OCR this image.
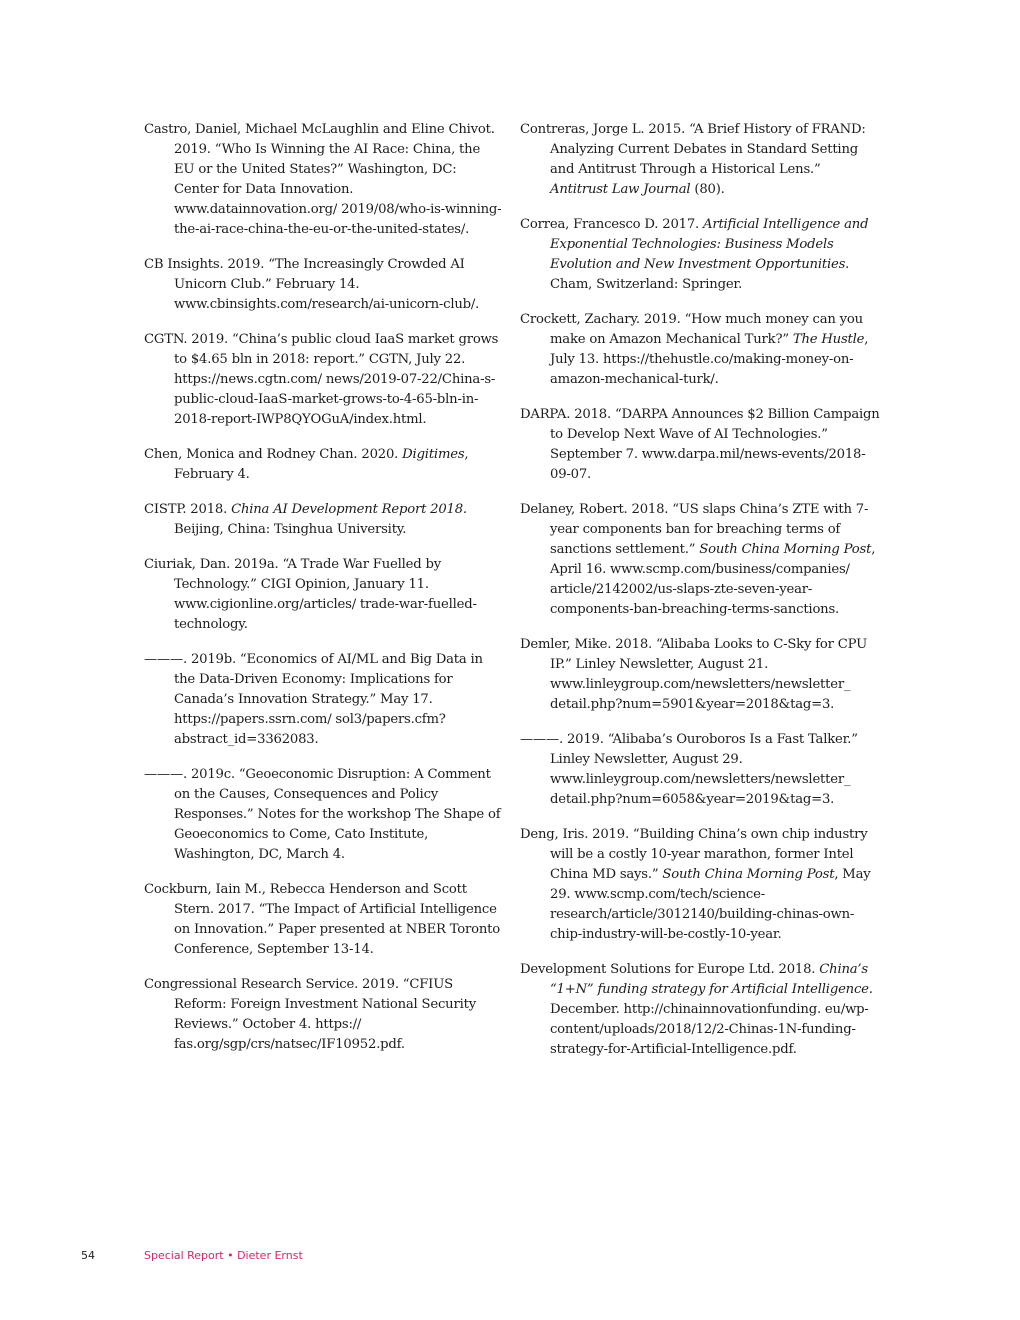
Castro, Daniel, Michael McLaughlin and Eline Chivot. 2019. “Who Is Winning the AI Race: China, the EU or the United States?” Washington, DC: Center for Data Innovation. www.datainnovation.org/ 2019/08/who-is-winning-the-ai-race-china-the-eu-or-the-united-states/.

CB Insights. 2019. “The Increasingly Crowded AI Unicorn Club.” February 14. www.cbinsights.com/research/ai-unicorn-club/.

CGTN. 2019. “China’s public cloud IaaS market grows to $4.65 bln in 2018: report.” CGTN, July 22. https://news.cgtn.com/ news/2019-07-22/China-s-public-cloud-IaaS-market-grows-to-4-65-bln-in-2018-report-IWP8QYOGuA/index.html.

Chen, Monica and Rodney Chan. 2020. Digitimes, February 4.

CISTP. 2018. China AI Development Report 2018. Beijing, China: Tsinghua University.

Ciuriak, Dan. 2019a. “A Trade War Fuelled by Technology.” CIGI Opinion, January 11. www.cigionline.org/articles/ trade-war-fuelled-technology.

———. 2019b. “Economics of AI/ML and Big Data in the Data-Driven Economy: Implications for Canada’s Innovation Strategy.” May 17. https://papers.ssrn.com/ sol3/papers.cfm?abstract_id=3362083.

———. 2019c. “Geoeconomic Disruption: A Comment on the Causes, Consequences and Policy Responses.” Notes for the workshop The Shape of Geoeconomics to Come, Cato Institute, Washington, DC, March 4.

Cockburn, Iain M., Rebecca Henderson and Scott Stern. 2017. “The Impact of Artificial Intelligence on Innovation.” Paper presented at NBER Toronto Conference, September 13-14.

Congressional Research Service. 2019. “CFIUS Reform: Foreign Investment National Security Reviews.” October 4. https:// fas.org/sgp/crs/natsec/IF10952.pdf.

Contreras, Jorge L. 2015. “A Brief History of FRAND: Analyzing Current Debates in Standard Setting and Antitrust Through a Historical Lens.” Antitrust Law Journal (80).

Correa, Francesco D. 2017. Artificial Intelligence and Exponential Technologies: Business Models Evolution and New Investment Opportunities. Cham, Switzerland: Springer.

Crockett, Zachary. 2019. “How much money can you make on Amazon Mechanical Turk?” The Hustle, July 13. https://thehustle.co/making-money-on-amazon-mechanical-turk/.

DARPA. 2018. “DARPA Announces $2 Billion Campaign to Develop Next Wave of AI Technologies.” September 7. www.darpa.mil/news-events/2018-09-07.

Delaney, Robert. 2018. “US slaps China’s ZTE with 7-year components ban for breaching terms of sanctions settlement.” South China Morning Post, April 16. www.scmp.com/business/companies/ article/2142002/us-slaps-zte-seven-year-components-ban-breaching-terms-sanctions.

Demler, Mike. 2018. “Alibaba Looks to C-Sky for CPU IP.” Linley Newsletter, August 21. www.linleygroup.com/newsletters/newsletter_ detail.php?num=5901&year=2018&tag=3.

———. 2019. “Alibaba’s Ouroboros Is a Fast Talker.” Linley Newsletter, August 29. www.linleygroup.com/newsletters/newsletter_ detail.php?num=6058&year=2019&tag=3.

Deng, Iris. 2019. “Building China’s own chip industry will be a costly 10-year marathon, former Intel China MD says.” South China Morning Post, May 29. www.scmp.com/tech/science-research/article/3012140/building-chinas-own-chip-industry-will-be-costly-10-year.

Development Solutions for Europe Ltd. 2018. China’s “1+N” funding strategy for Artificial Intelligence. December. http://chinainnovationfunding. eu/wp-content/uploads/2018/12/2-Chinas-1N-funding-strategy-for-Artificial-Intelligence.pdf.

54	Special Report • Dieter Ernst
